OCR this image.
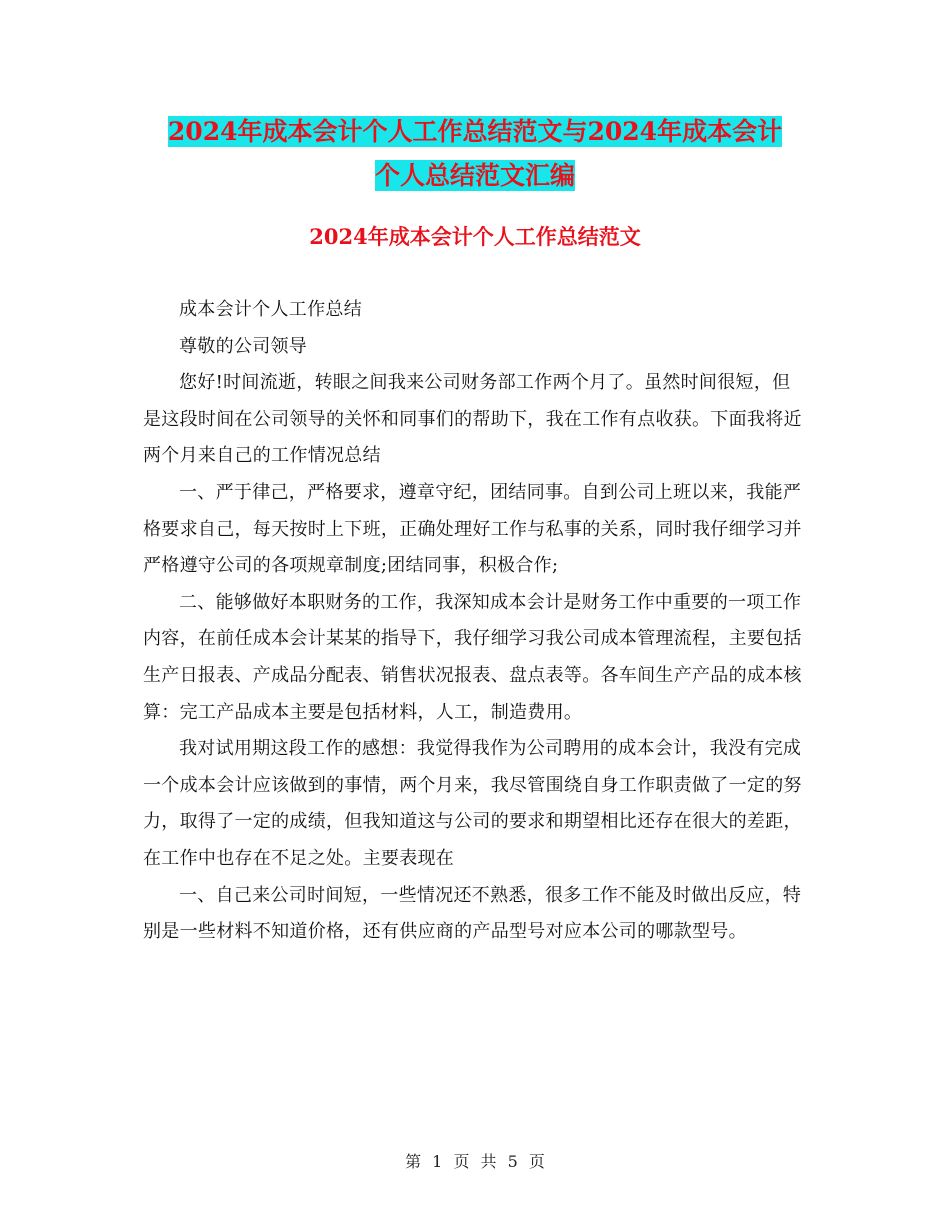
2024年成本会计个人工作总结范文与2024年成本会计
个人总结范文汇编
2024年成本会计个人工作总结范文

成本会计个人工作总结

尊敬的公司领导

您好!时间流逝，转眼之间我来公司财务部工作两个月了。虽然时间很短，但是这段时间在公司领导的关怀和同事们的帮助下，我在工作有点收获。下面我将近两个月来自己的工作情况总结

一、严于律己，严格要求，遵章守纪，团结同事。自到公司上班以来，我能严格要求自己，每天按时上下班，正确处理好工作与私事的关系，同时我仔细学习并严格遵守公司的各项规章制度;团结同事，积极合作;

二、能够做好本职财务的工作，我深知成本会计是财务工作中重要的一项工作内容，在前任成本会计某某的指导下，我仔细学习我公司成本管理流程，主要包括生产日报表、产成品分配表、销售状况报表、盘点表等。各车间生产产品的成本核算：完工产品成本主要是包括材料，人工，制造费用。

我对试用期这段工作的感想：我觉得我作为公司聘用的成本会计，我没有完成一个成本会计应该做到的事情，两个月来，我尽管围绕自身工作职责做了一定的努力，取得了一定的成绩，但我知道这与公司的要求和期望相比还存在很大的差距，在工作中也存在不足之处。主要表现在

一、自己来公司时间短，一些情况还不熟悉，很多工作不能及时做出反应，特别是一些材料不知道价格，还有供应商的产品型号对应本公司的哪款型号。

第 1 页 共 5 页
